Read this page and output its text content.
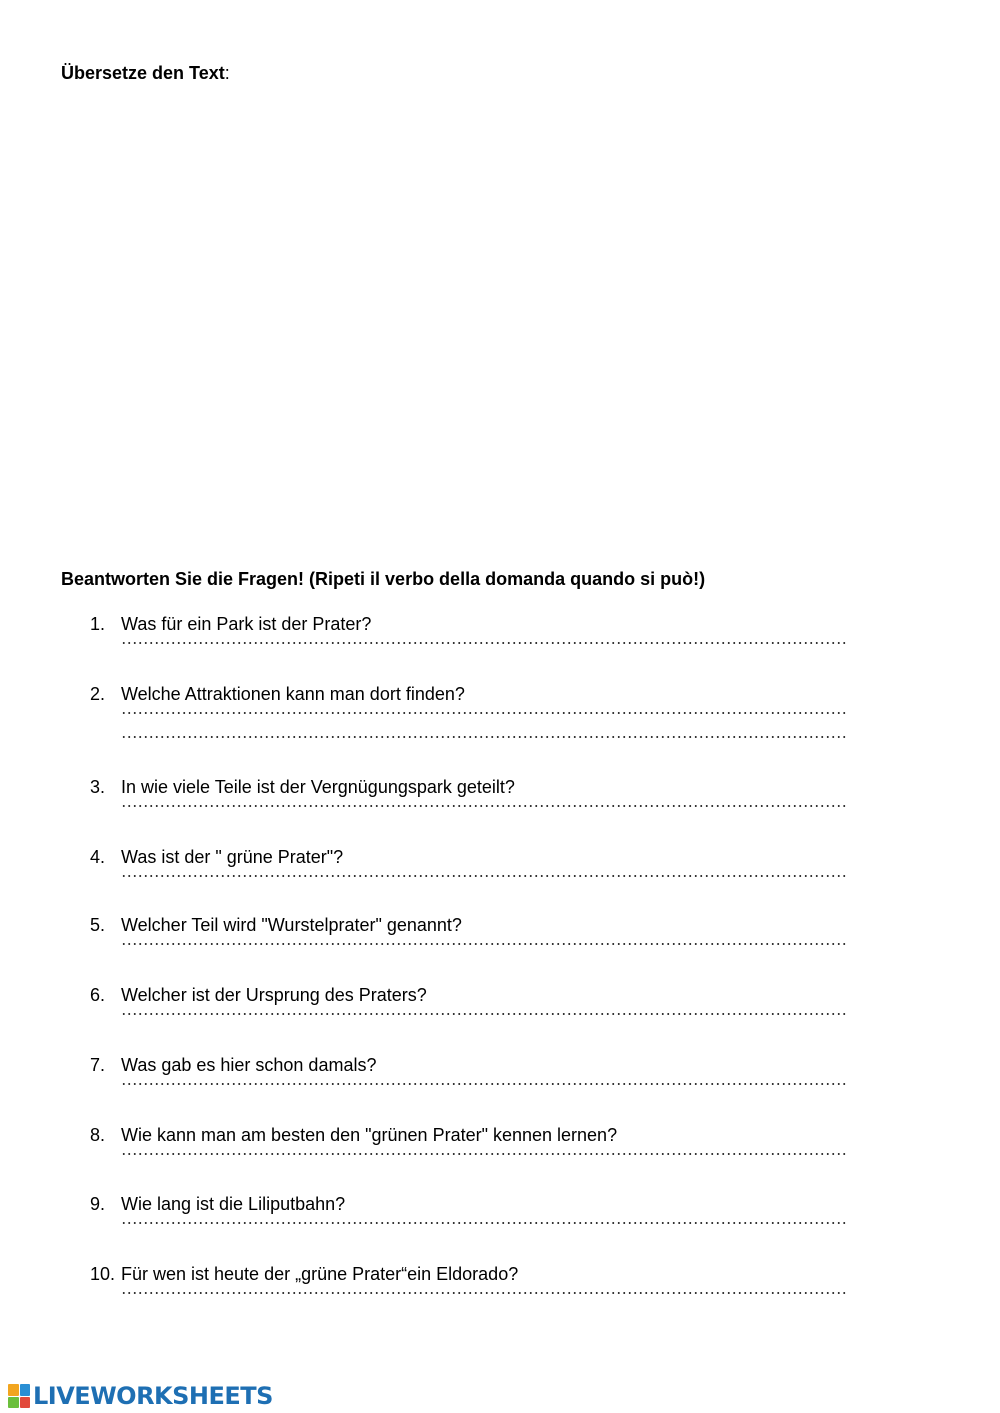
Übersetze den Text:
Beantworten Sie die Fragen! (Ripeti il verbo della domanda quando si può!)
1. Was für ein Park ist der Prater?
2. Welche Attraktionen kann man dort finden?
3. In wie viele Teile ist der Vergnügungspark geteilt?
4. Was ist der " grüne Prater"?
5. Welcher Teil wird "Wurstelprater" genannt?
6. Welcher ist der Ursprung des Praters?
7. Was gab es hier schon damals?
8. Wie kann man am besten den "grünen Prater" kennen lernen?
9. Wie lang ist die Liliputbahn?
10. Für wen ist heute der „grüne Prater“ein Eldorado?
LIVEWORKSHEETS
